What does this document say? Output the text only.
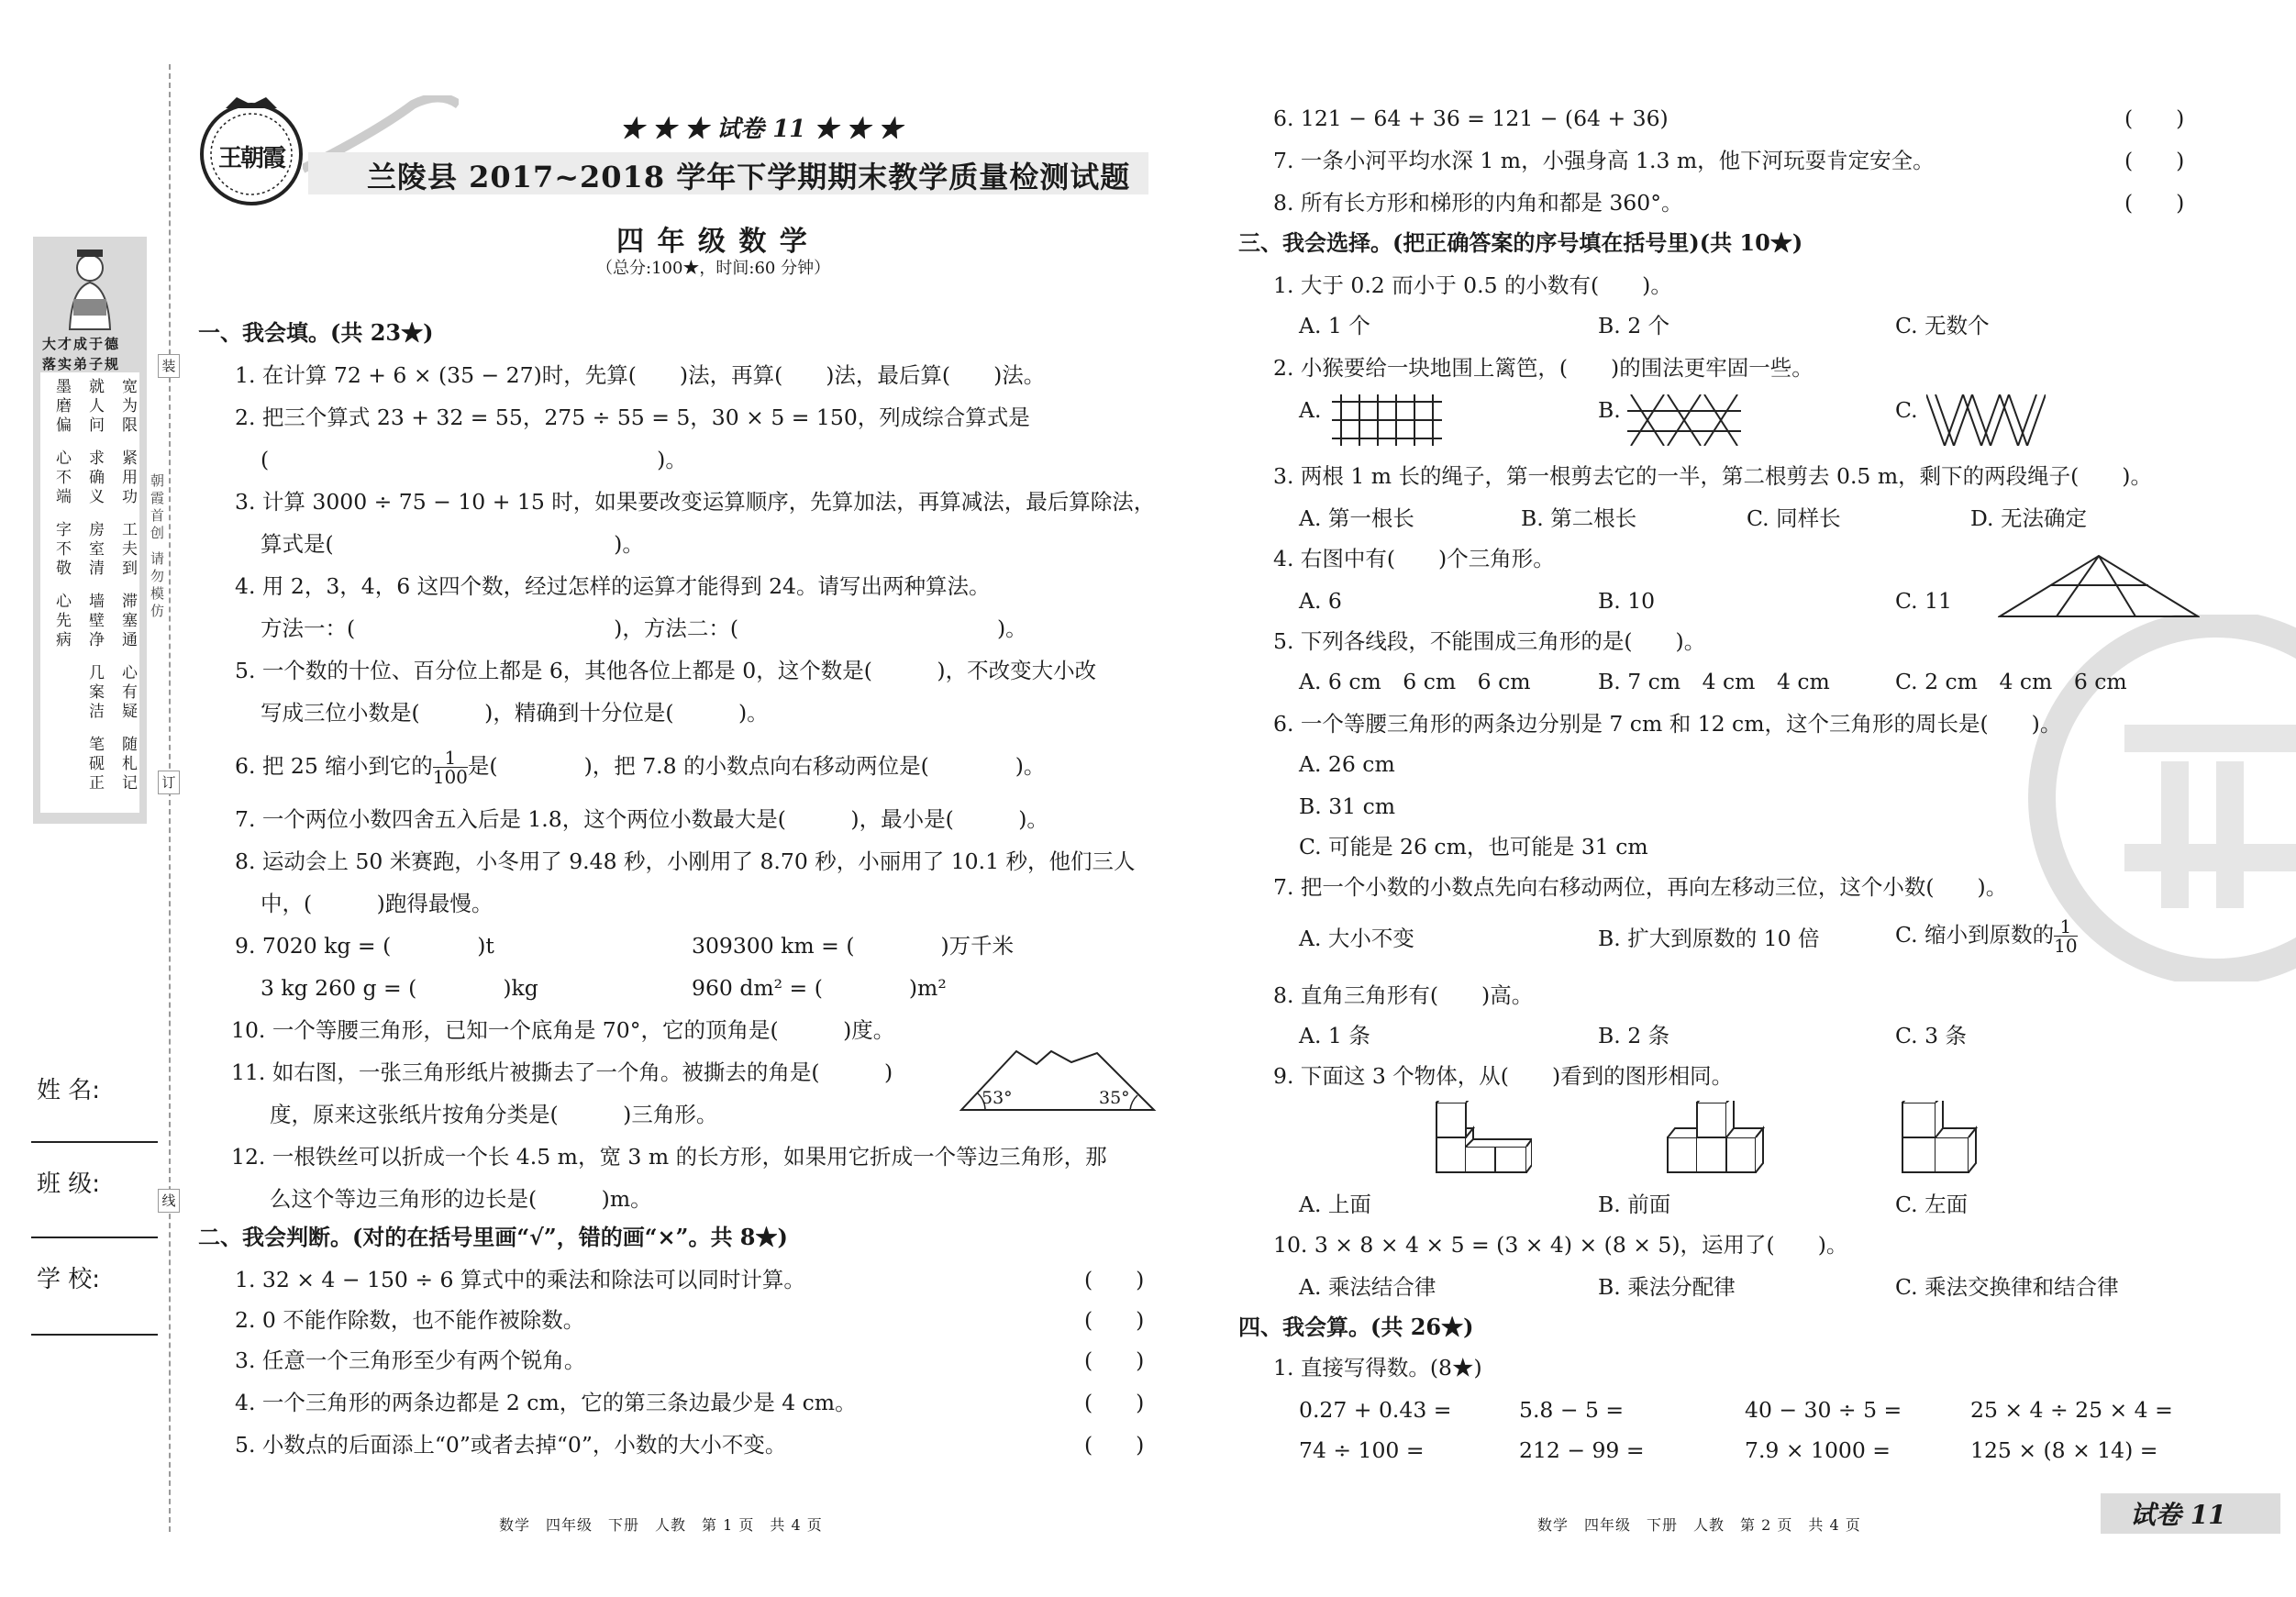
大才成于德
落实弟子规
宽为限
就人问
墨磨偏
紧用功
求确义
心不端
工夫到
房室清
字不敬
滞塞通
墙壁净
心先病
心有疑
几案洁
随札记
笔砚正
装
订
线
朝霞首创 请勿模仿
姓 名:
班 级:
学 校:
王朝霞
★ ★ ★ 试卷 11 ★ ★ ★
兰陵县 2017~2018 学年下学期期末教学质量检测试题
四 年 级 数 学
（总分:100★，时间:60 分钟）
一、我会填。(共 23★)
1. 在计算 72 + 6 × (35 − 27)时，先算(　　)法，再算(　　)法，最后算(　　)法。
2. 把三个算式 23 + 32 = 55，275 ÷ 55 = 5，30 × 5 = 150，列成综合算式是
(　　　　　　　　　　　　　　　　　　)。
3. 计算 3000 ÷ 75 − 10 + 15 时，如果要改变运算顺序，先算加法，再算减法，最后算除法，
算式是(　　　　　　　　　　　　　)。
4. 用 2，3，4，6 这四个数，经过怎样的运算才能得到 24。请写出两种算法。
方法一：(　　　　　　　　　　　　)，方法二：(　　　　　　　　　　　　)。
5. 一个数的十位、百分位上都是 6，其他各位上都是 0，这个数是(　　　)，不改变大小改
写成三位小数是(　　　)，精确到十分位是(　　　)。
6. 把 25 缩小到它的 $\frac{1}{100}$ 是(　　　　)，把 7.8 的小数点向右移动两位是(　　　　)。
7. 一个两位小数四舍五入后是 1.8，这个两位小数最大是(　　　)，最小是(　　　)。
8. 运动会上 50 米赛跑，小冬用了 9.48 秒，小刚用了 8.70 秒，小丽用了 10.1 秒，他们三人
中，(　　　)跑得最慢。
9. 7020 kg = (　　　　)t	309300 km = (　　　　)万千米
3 kg 260 g = (　　　　)kg	960 dm² = (　　　　)m²
10. 一个等腰三角形，已知一个底角是 70°，它的顶角是(　　　)度。
11. 如右图，一张三角形纸片被撕去了一个角。被撕去的角是(　　　)
度，原来这张纸片按角分类是(　　　)三角形。
53°	35°
12. 一根铁丝可以折成一个长 4.5 m，宽 3 m 的长方形，如果用它折成一个等边三角形，那
么这个等边三角形的边长是(　　　)m。
二、我会判断。(对的在括号里画“√”，错的画“×”。共 8★)
1. 32 × 4 − 150 ÷ 6 算式中的乘法和除法可以同时计算。	(　　)
2. 0 不能作除数，也不能作被除数。	(　　)
3. 任意一个三角形至少有两个锐角。	(　　)
4. 一个三角形的两条边都是 2 cm，它的第三条边最少是 4 cm。	(　　)
5. 小数点的后面添上“0”或者去掉“0”，小数的大小不变。	(　　)
数学　四年级　下册　人教　第 1 页　共 4 页
6. 121 − 64 + 36 = 121 − (64 + 36)	(　　)
7. 一条小河平均水深 1 m，小强身高 1.3 m，他下河玩耍肯定安全。	(　　)
8. 所有长方形和梯形的内角和都是 360°。	(　　)
三、我会选择。(把正确答案的序号填在括号里)(共 10★)
1. 大于 0.2 而小于 0.5 的小数有(　　)。
A. 1 个	B. 2 个	C. 无数个
2. 小猴要给一块地围上篱笆，(　　)的围法更牢固一些。
A.	B.	C.
3. 两根 1 m 长的绳子，第一根剪去它的一半，第二根剪去 0.5 m，剩下的两段绳子(　　)。
A. 第一根长	B. 第二根长	C. 同样长	D. 无法确定
4. 右图中有(　　)个三角形。
A. 6	B. 10	C. 11
5. 下列各线段，不能围成三角形的是(　　)。
A. 6 cm　6 cm　6 cm	B. 7 cm　4 cm　4 cm	C. 2 cm　4 cm　6 cm
6. 一个等腰三角形的两条边分别是 7 cm 和 12 cm，这个三角形的周长是(　　)。
A. 26 cm
B. 31 cm
C. 可能是 26 cm，也可能是 31 cm
7. 把一个小数的小数点先向右移动两位，再向左移动三位，这个小数(　　)。
A. 大小不变	B. 扩大到原数的 10 倍	C. 缩小到原数的 $\frac{1}{10}$
8. 直角三角形有(　　)高。
A. 1 条	B. 2 条	C. 3 条
9. 下面这 3 个物体，从(　　)看到的图形相同。
A. 上面	B. 前面	C. 左面
10. 3 × 8 × 4 × 5 = (3 × 4) × (8 × 5)，运用了(　　)。
A. 乘法结合律	B. 乘法分配律	C. 乘法交换律和结合律
四、我会算。(共 26★)
1. 直接写得数。(8★)
0.27 + 0.43 =	5.8 − 5 =	40 − 30 ÷ 5 =	25 × 4 ÷ 25 × 4 =
74 ÷ 100 =	212 − 99 =	7.9 × 1000 =	125 × (8 × 14) =
数学　四年级　下册　人教　第 2 页　共 4 页	试卷 11
